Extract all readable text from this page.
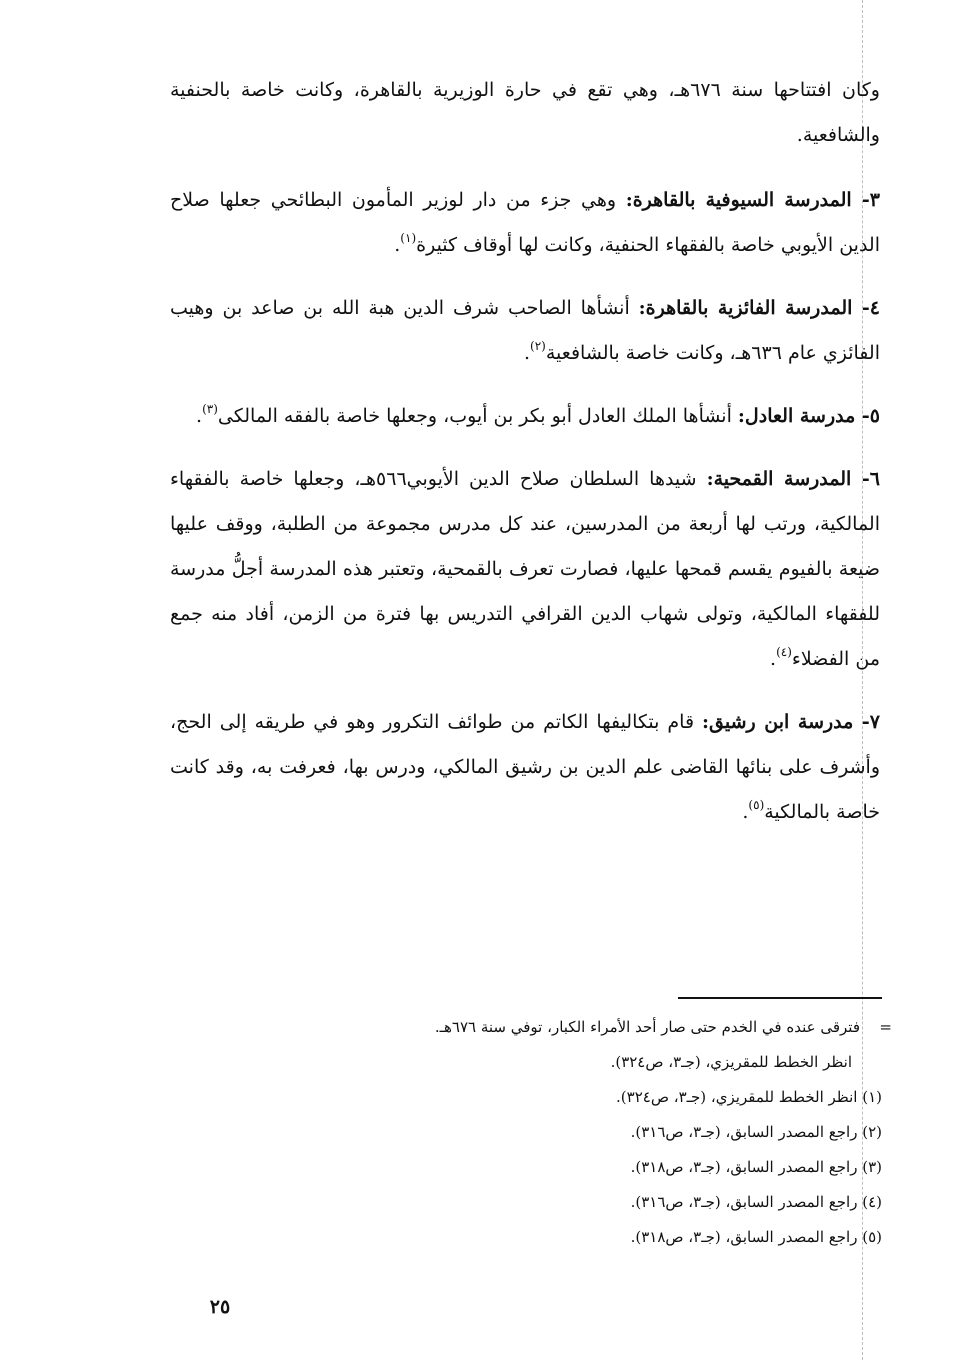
وكان افتتاحها سنة ٦٧٦هـ، وهي تقع في حارة الوزيرية بالقاهرة، وكانت خاصة بالحنفية والشافعية.

٣- المدرسة السيوفية بالقاهرة: وهي جزء من دار لوزير المأمون البطائحي جعلها صلاح الدين الأيوبي خاصة بالفقهاء الحنفية، وكانت لها أوقاف كثيرة$^{(١)}$.

٤- المدرسة الفائزية بالقاهرة: أنشأها الصاحب شرف الدين هبة الله بن صاعد بن وهيب الفائزي عام ٦٣٦هـ، وكانت خاصة بالشافعية$^{(٢)}$.

٥- مدرسة العادل: أنشأها الملك العادل أبو بكر بن أيوب، وجعلها خاصة بالفقه المالكى$^{(٣)}$.

٦- المدرسة القمحية: شيدها السلطان صلاح الدين الأيوبي٥٦٦هـ، وجعلها خاصة بالفقهاء المالكية، ورتب لها أربعة من المدرسين، عند كل مدرس مجموعة من الطلبة، ووقف عليها ضيعة بالفيوم يقسم قمحها عليها، فصارت تعرف بالقمحية، وتعتبر هذه المدرسة أجلُّ مدرسة للفقهاء المالكية، وتولى شهاب الدين القرافي التدريس بها فترة من الزمن، أفاد منه جمع من الفضلاء$^{(٤)}$.

٧- مدرسة ابن رشيق: قام بتكاليفها الكاتم من طوائف التكرور وهو في طريقه إلى الحج، وأشرف على بنائها القاضى علم الدين بن رشيق المالكي، ودرس بها، فعرفت به، وقد كانت خاصة بالمالكية$^{(٥)}$.

=
فترقى عنده في الخدم حتى صار أحد الأمراء الكبار، توفي سنة ٦٧٦هـ.
انظر الخطط للمقريزي، (جـ٣، ص٣٢٤).
(١) انظر الخطط للمقريزي، (جـ٣، ص٣٢٤).
(٢) راجع المصدر السابق، (جـ٣، ص٣١٦).
(٣) راجع المصدر السابق، (جـ٣، ص٣١٨).
(٤) راجع المصدر السابق، (جـ٣، ص٣١٦).
(٥) راجع المصدر السابق، (جـ٣، ص٣١٨).
٢٥
